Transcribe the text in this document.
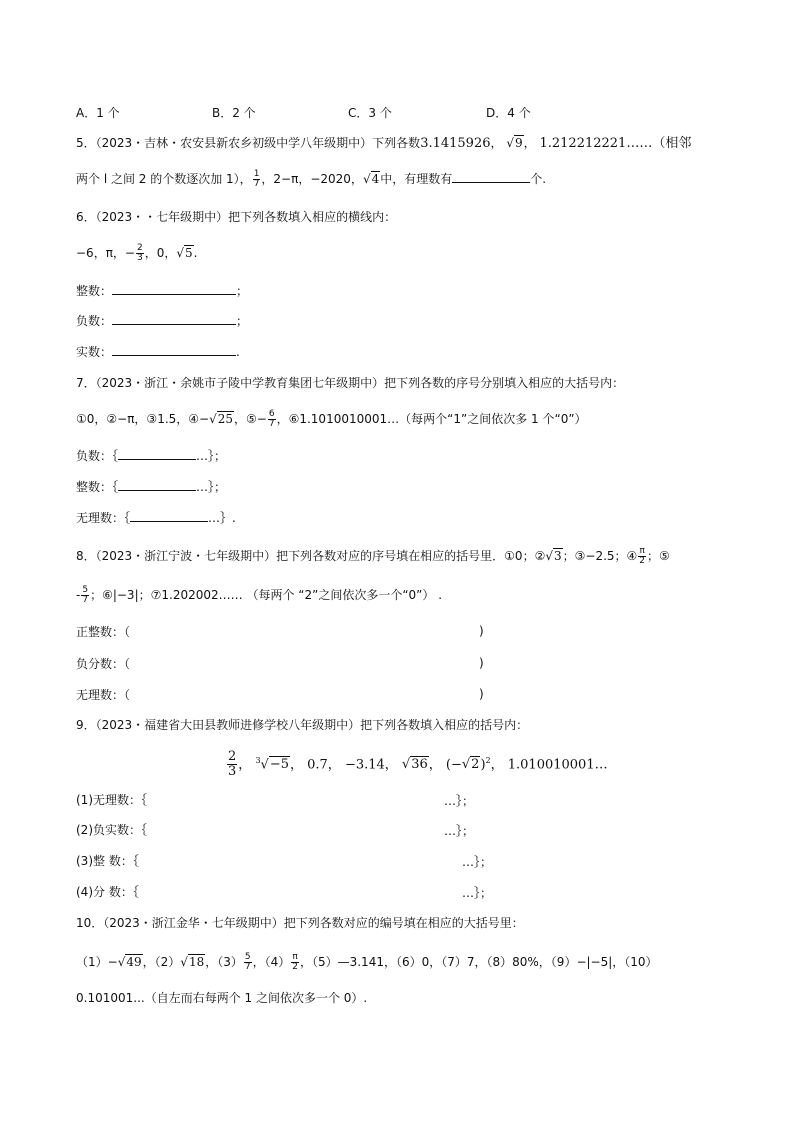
A．1 个	B．2 个	C．3 个	D．4 个
5．（2023・吉林・农安县新农乡初级中学八年级期中）下列各数3.1415926， √9， 1.212212221……（相邻
两个 l 之间 2 的个数逐次加 1）， $\frac{1}{7}$ ，2−π，−2020，√4中，有理数有	个.
6．（2023・・七年级期中）把下列各数填入相应的横线内：
−6，π，− $\frac{2}{3}$ ，0，√5.
整数：	；
负数：	；
实数：	.
7．（2023・浙江・余姚市子陵中学教育集团七年级期中）把下列各数的序号分别填入相应的大括号内：
①0，②−π，③1.5，④−√25，⑤− $\frac{6}{7}$ ，⑥1.1010010001…（每两个“1”之间依次多 1 个“0”）
负数：｛	…｝；
整数：｛	…｝；
无理数：｛	…｝.
8．（2023・浙江宁波・七年级期中）把下列各数对应的序号填在相应的括号里．①0；②√3；③−2.5；④ $\frac{\pi}{2}$ ；⑤
- $\frac{5}{7}$ ；⑥|−3|；⑦1.202002…… （每两个 “2”之间依次多一个“0”） .
正整数：（	)
负分数：（	)
无理数：（	)
9．（2023・福建省大田县教师进修学校八年级期中）把下列各数填入相应的括号内：
$\frac{2}{3}$ ， $^3$√−5， 0.7， −3.14， √36， $(-√2)^2$， 1.010010001…
(1)无理数：｛	…｝；
(2)负实数：｛	…｝；
(3)整 数：｛	…｝；
(4)分 数：｛	…｝；
10．（2023・浙江金华・七年级期中）把下列各数对应的编号填在相应的大括号里：
（1）−√49，（2）√18，$(3) \frac{5}{7}$ ，$(4) \frac{\pi}{2}$ ，（5）—3.141，（6）0，（7）7，（8）80%，（9）−|−5|，（10）
0.101001...（自左而右每两个 1 之间依次多一个 0）.
